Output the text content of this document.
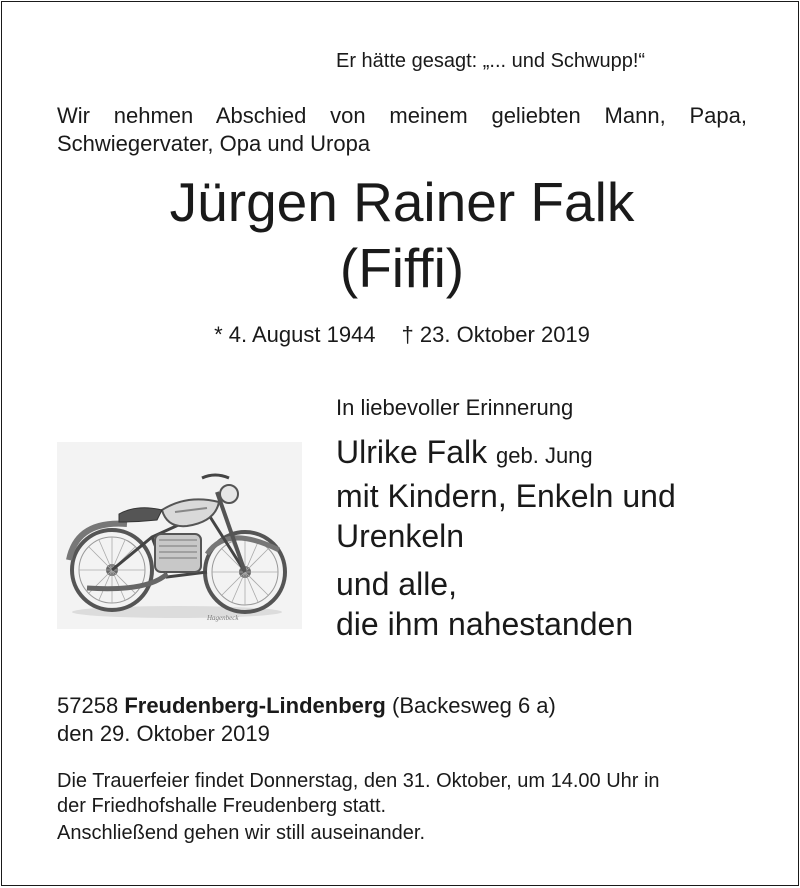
Er hätte gesagt: „... und Schwupp!“
Wir nehmen Abschied von meinem geliebten Mann, Papa,
Schwiegervater, Opa und Uropa
Jürgen Rainer Falk
(Fiffi)
* 4. August 1944 † 23. Oktober 2019
In liebevoller Erinnerung
Hagenbeck
Ulrike Falk geb. Jung
mit Kindern, Enkeln und
Urenkeln
und alle,
die ihm nahestanden
57258 Freudenberg-Lindenberg (Backesweg 6 a)
den 29. Oktober 2019
Die Trauerfeier findet Donnerstag, den 31. Oktober, um 14.00 Uhr in
der Friedhofshalle Freudenberg statt.
Anschließend gehen wir still auseinander.
